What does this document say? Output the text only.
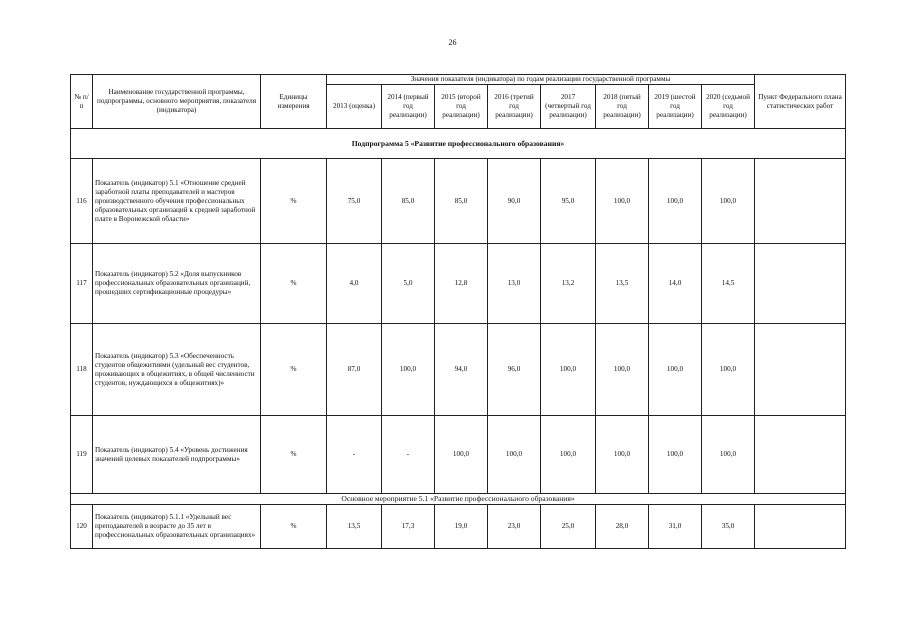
26
№ п/п	Наименование государственной программы, подпрограммы, основного мероприятия, показателя (индикатора)	Единицы измерения	Значения показателя (индикатора) по годам реализации государственной программы								Пункт Федерального плана статистических работ
			2013 (оценка)	2014 (первый год реализации)	2015 (второй год реализации)	2016 (третий год реализации)	2017 (четвертый год реализации)	2018 (пятый год реализации)	2019 (шестой год реализации)	2020 (седьмой год реализации)	
Подпрограмма 5 «Развитие профессионального образования»											
116	Показатель (индикатор) 5.1 «Отношение средней заработной платы преподавателей и мастеров производственного обучения профессиональных образовательных организаций к средней заработной плате в Воронежской области»	%	75,0	85,0	85,0	90,0	95,0	100,0	100,0	100,0	
117	Показатель (индикатор) 5.2 «Доля выпускников профессиональных образовательных организаций, прошедших сертификационные процедуры»	%	4,0	5,0	12,8	13,0	13,2	13,5	14,0	14,5	
118	Показатель (индикатор) 5.3 «Обеспеченность студентов общежитиями (удельный вес студентов, проживающих в общежитиях, в общей численности студентов, нуждающихся в общежитиях)»	%	87,0	100,0	94,0	96,0	100,0	100,0	100,0	100,0	
119	Показатель (индикатор) 5.4 «Уровень достижения значений целевых показателей подпрограммы»	%	-	-	100,0	100,0	100,0	100,0	100,0	100,0	
Основное мероприятие 5.1 «Развитие профессионального образования»											
120	Показатель (индикатор) 5.1.1 «Удельный вес преподавателей в возрасте до 35 лет в профессиональных образовательных организациях»	%	13,5	17,3	19,0	23,0	25,0	28,0	31,0	35,0	
